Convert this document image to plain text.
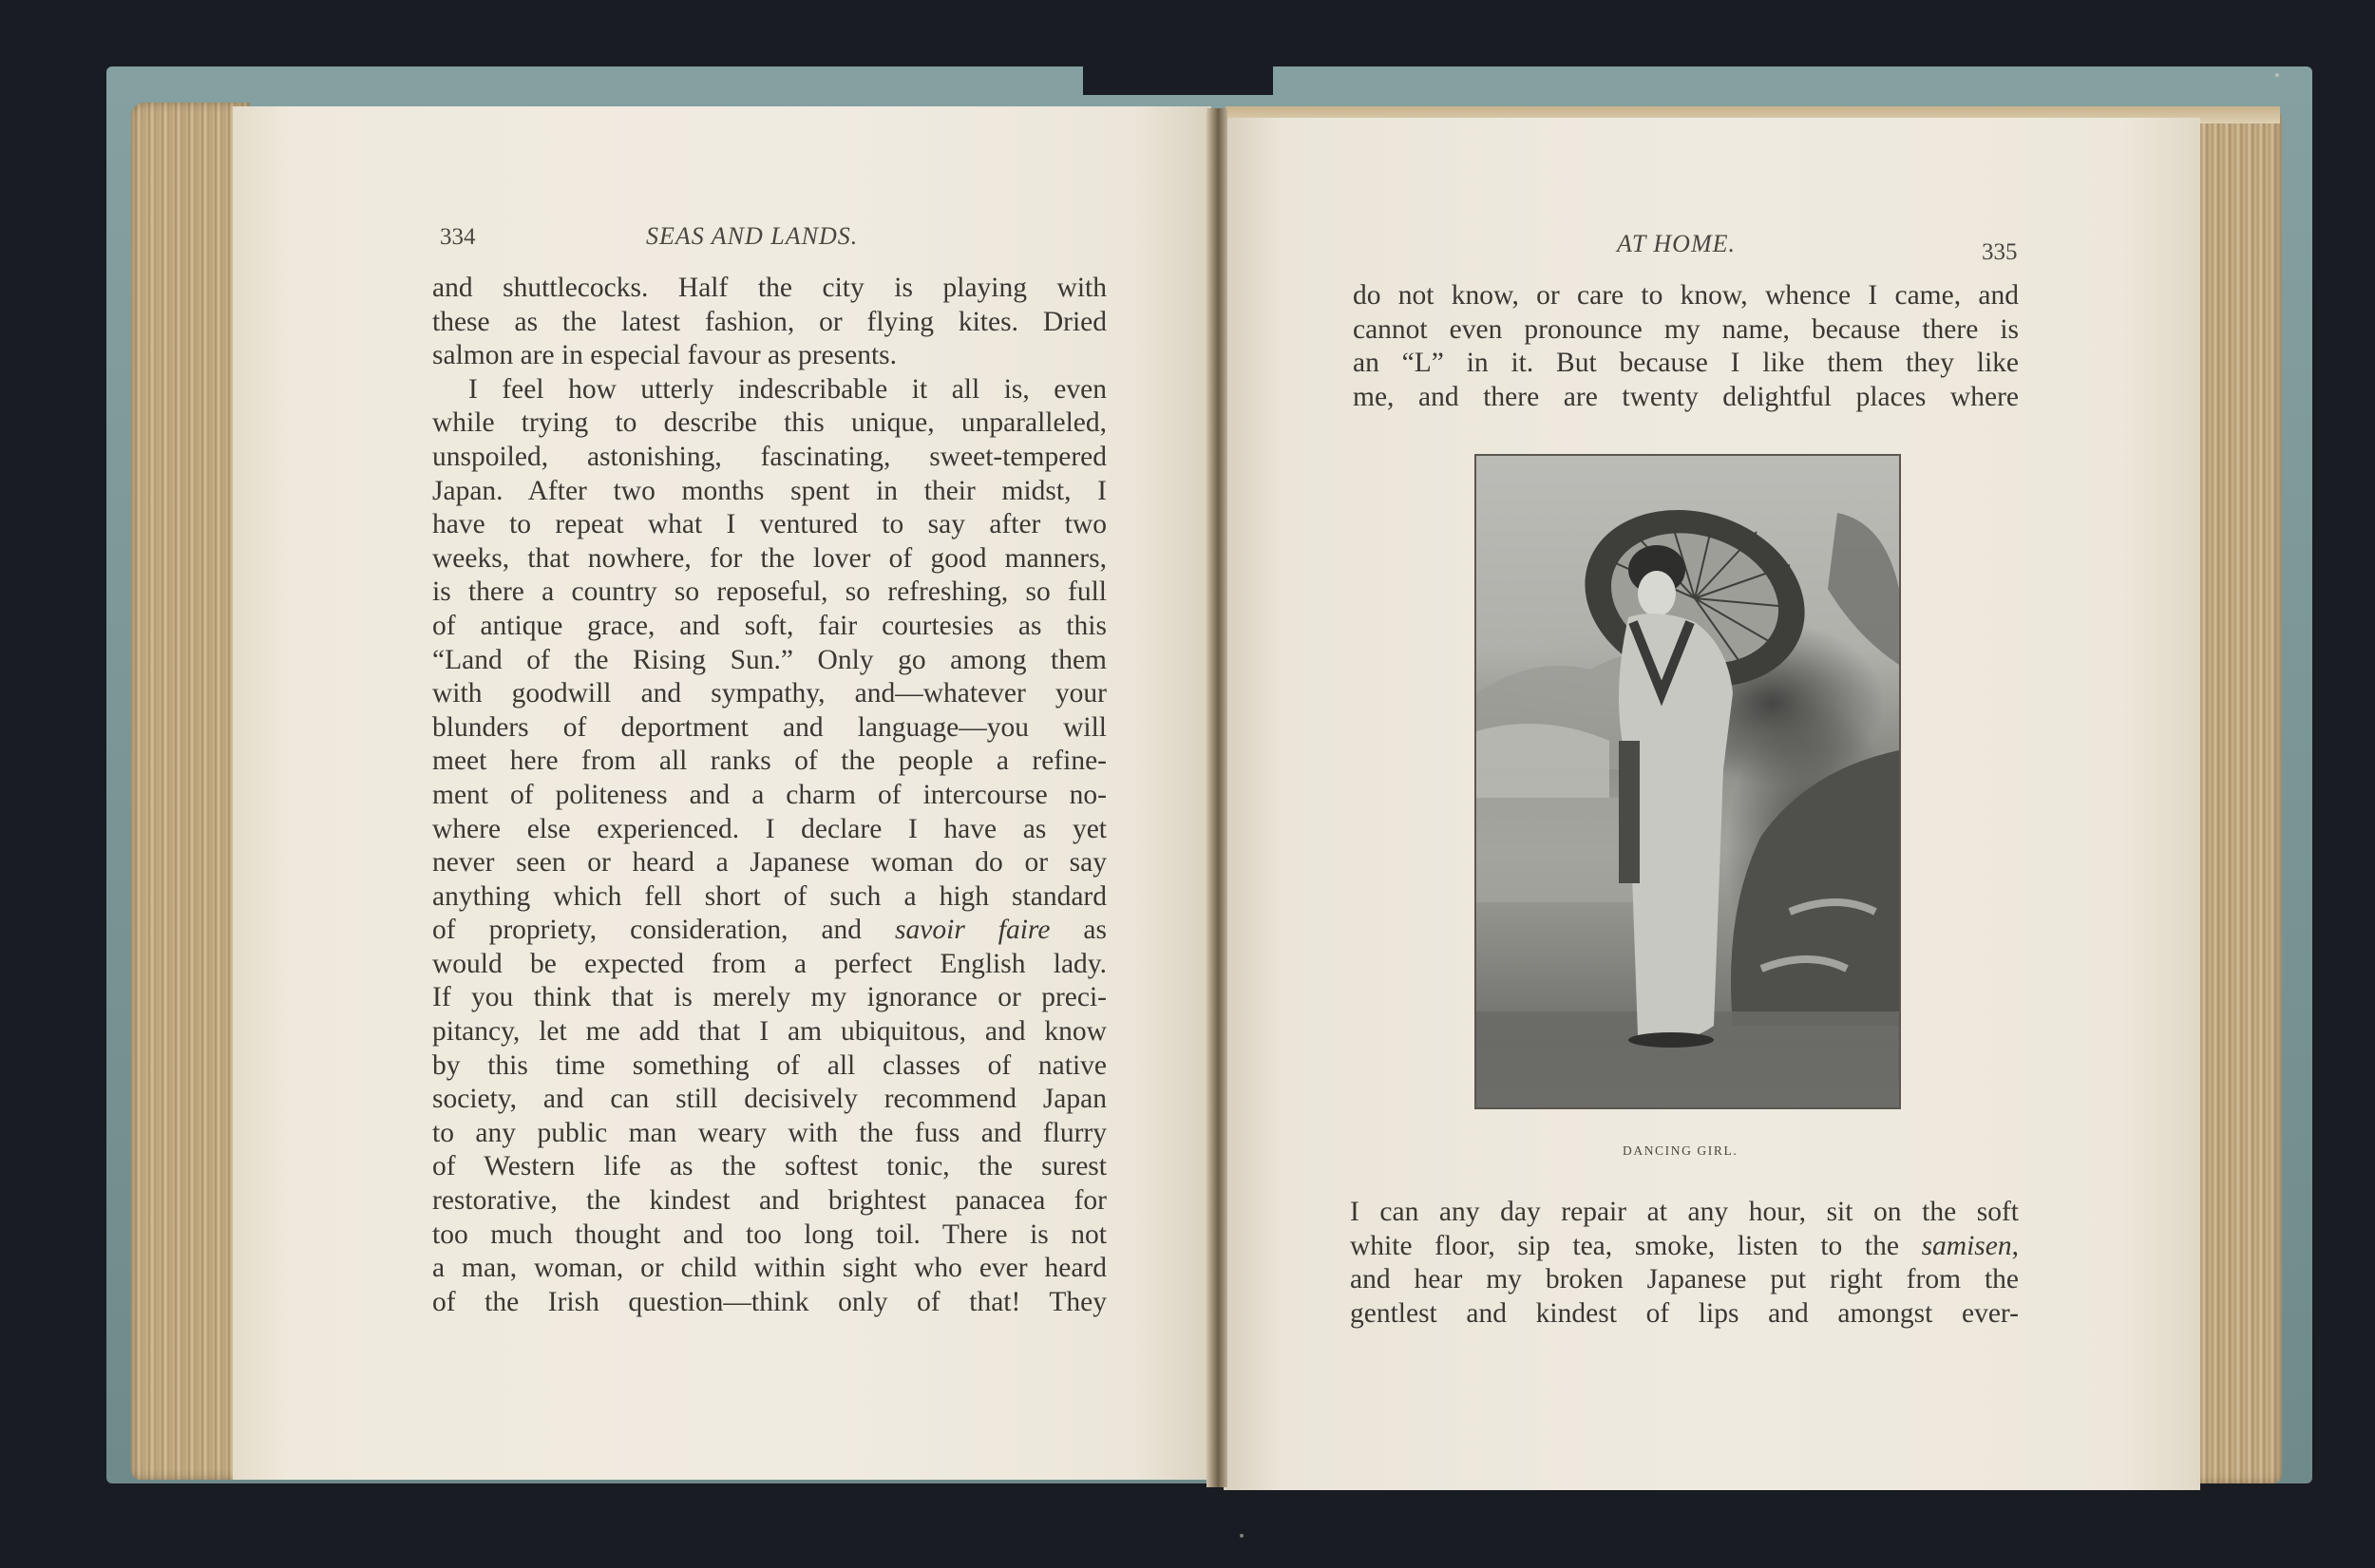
334	SEAS AND LANDS.
and shuttlecocks. Half the city is playing with
these as the latest fashion, or flying kites. Dried
salmon are in especial favour as presents.
I feel how utterly indescribable it all is, even
while trying to describe this unique, unparalleled,
unspoiled, astonishing, fascinating, sweet-tempered
Japan. After two months spent in their midst, I
have to repeat what I ventured to say after two
weeks, that nowhere, for the lover of good manners,
is there a country so reposeful, so refreshing, so full
of antique grace, and soft, fair courtesies as this
“Land of the Rising Sun.” Only go among them
with goodwill and sympathy, and—whatever your
blunders of deportment and language—you will
meet here from all ranks of the people a refine-
ment of politeness and a charm of intercourse no-
where else experienced. I declare I have as yet
never seen or heard a Japanese woman do or say
anything which fell short of such a high standard
of propriety, consideration, and savoir faire as
would be expected from a perfect English lady.
If you think that is merely my ignorance or preci-
pitancy, let me add that I am ubiquitous, and know
by this time something of all classes of native
society, and can still decisively recommend Japan
to any public man weary with the fuss and flurry
of Western life as the softest tonic, the surest
restorative, the kindest and brightest panacea for
too much thought and too long toil. There is not
a man, woman, or child within sight who ever heard
of the Irish question—think only of that! They
AT HOME.	335
do not know, or care to know, whence I came, and
cannot even pronounce my name, because there is
an “L” in it. But because I like them they like
me, and there are twenty delightful places where
DANCING GIRL.
I can any day repair at any hour, sit on the soft
white floor, sip tea, smoke, listen to the samisen,
and hear my broken Japanese put right from the
gentlest and kindest of lips and amongst ever-
